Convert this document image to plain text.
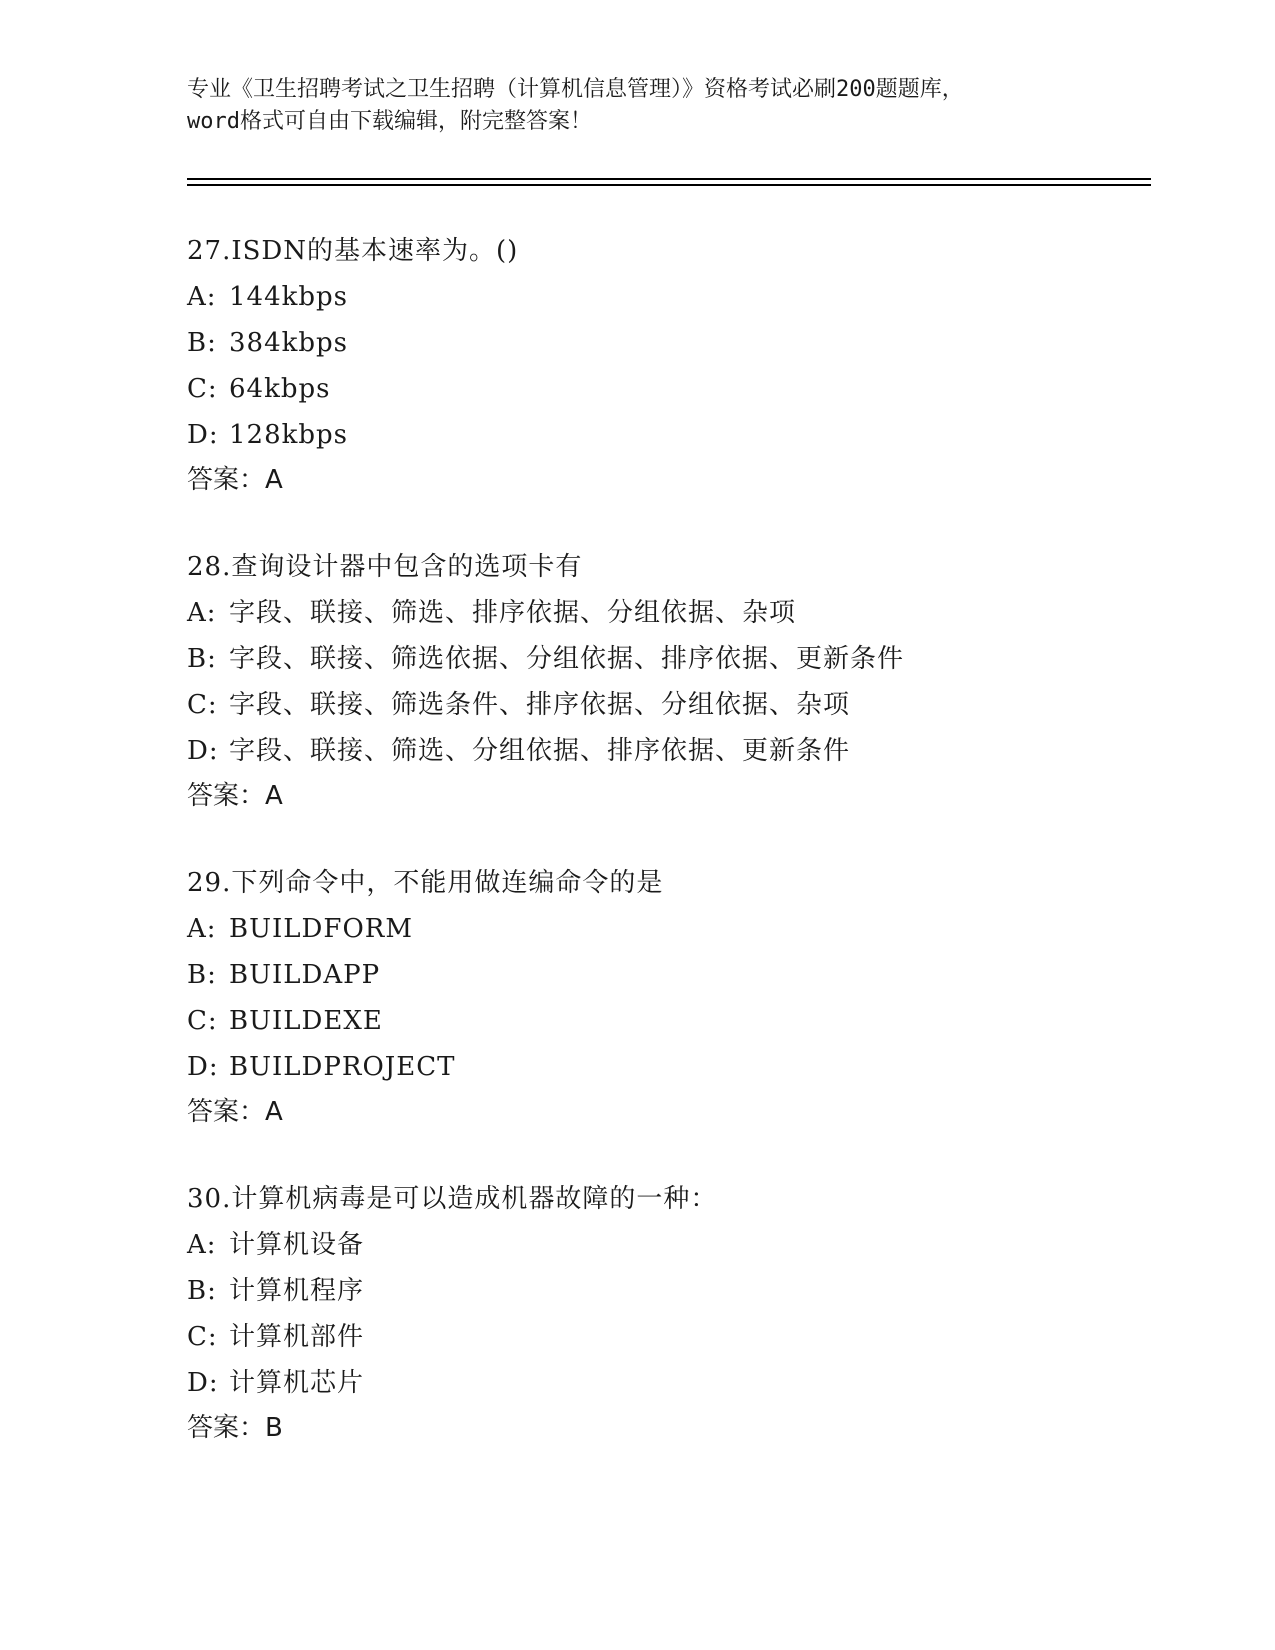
专业《卫生招聘考试之卫生招聘（计算机信息管理）》资格考试必刷200题题库，
word格式可自由下载编辑，附完整答案！
27.ISDN的基本速率为。()
A: 144kbps
B: 384kbps
C: 64kbps
D: 128kbps
答案：A
28.查询设计器中包含的选项卡有
A: 字段、联接、筛选、排序依据、分组依据、杂项
B: 字段、联接、筛选依据、分组依据、排序依据、更新条件
C: 字段、联接、筛选条件、排序依据、分组依据、杂项
D: 字段、联接、筛选、分组依据、排序依据、更新条件
答案：A
29.下列命令中，不能用做连编命令的是
A: BUILDFORM
B: BUILDAPP
C: BUILDEXE
D: BUILDPROJECT
答案：A
30.计算机病毒是可以造成机器故障的一种：
A: 计算机设备
B: 计算机程序
C: 计算机部件
D: 计算机芯片
答案：B
